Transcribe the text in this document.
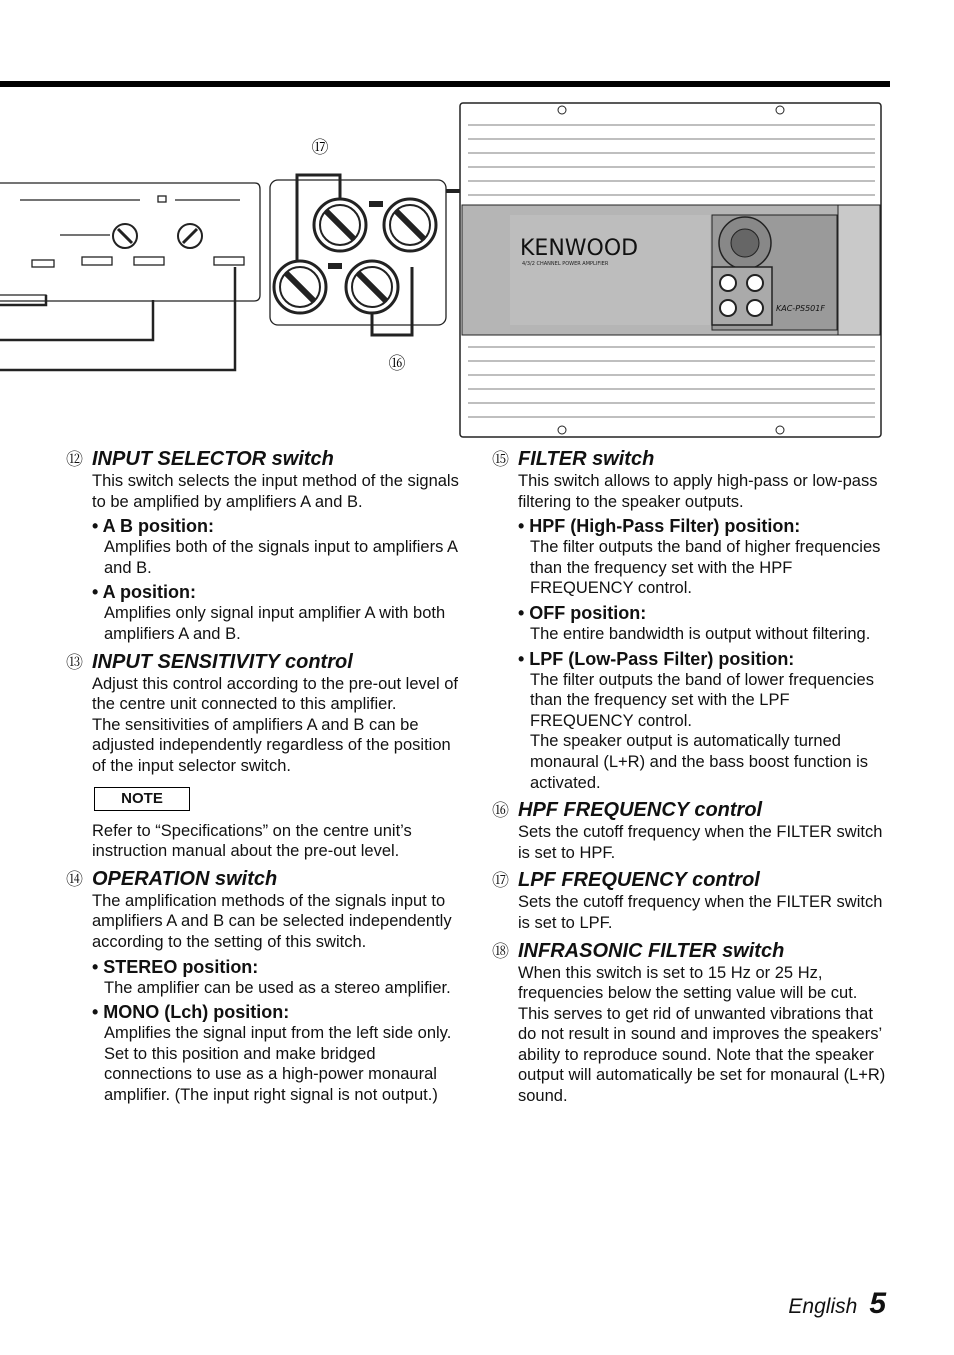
⑰
⑯
KENWOOD
4/3/2 CHANNEL POWER AMPLIFIER
KAC-PS501F
⑫ INPUT SELECTOR switch

This switch selects the input method of the signals to be amplified by amplifiers A and B.

• A B position:

Amplifies both of the signals input to amplifiers A and B.

• A position:

Amplifies only signal input amplifier A with both amplifiers A and B.

⑬ INPUT SENSITIVITY control

Adjust this control according to the pre-out level of the centre unit connected to this amplifier.

The sensitivities of amplifiers A and B can be adjusted independently regardless of the position of the input selector switch.

NOTE

Refer to “Specifications” on the centre unit’s instruction manual about the pre-out level.

⑭ OPERATION switch

The amplification methods of the signals input to amplifiers A and B can be selected independently according to the setting of this switch.

• STEREO position:

The amplifier can be used as a stereo amplifier.

• MONO (Lch) position:

Amplifies the signal input from the left side only. Set to this position and make bridged connections to use as a high-power monaural amplifier. (The input right signal is not output.)

⑮ FILTER switch

This switch allows to apply high-pass or low-pass filtering to the speaker outputs.

• HPF (High-Pass Filter) position:

The filter outputs the band of higher frequencies than the frequency set with the HPF FREQUENCY control.

• OFF position:

The entire bandwidth is output without filtering.

• LPF (Low-Pass Filter) position:

The filter outputs the band of lower frequencies than the frequency set with the LPF FREQUENCY control.

The speaker output is automatically turned monaural (L+R) and the bass boost function is activated.

⑯ HPF FREQUENCY control

Sets the cutoff frequency when the FILTER switch is set to HPF.

⑰ LPF FREQUENCY control

Sets the cutoff frequency when the FILTER switch is set to LPF.

⑱ INFRASONIC FILTER switch

When this switch is set to 15 Hz or 25 Hz, frequencies below the setting value will be cut. This serves to get rid of unwanted vibrations that do not result in sound and improves the speakers’ ability to reproduce sound. Note that the speaker output will automatically be set for monaural (L+R) sound.

English 5
